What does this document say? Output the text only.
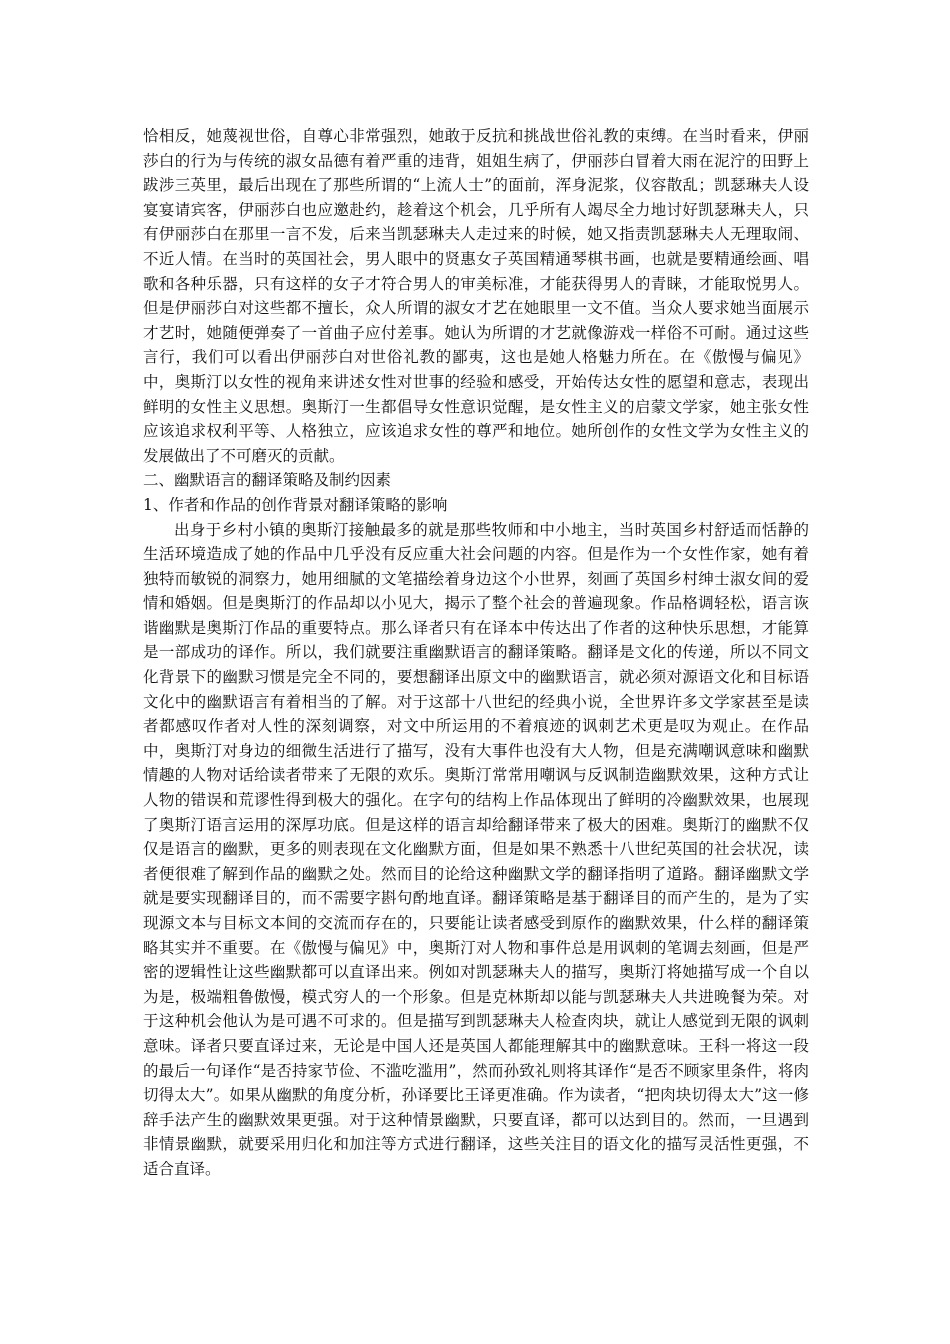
恰相反，她蔑视世俗，自尊心非常强烈，她敢于反抗和挑战世俗礼教的束缚。在当时看来，伊丽莎白的行为与传统的淑女品德有着严重的违背，姐姐生病了，伊丽莎白冒着大雨在泥泞的田野上跋涉三英里，最后出现在了那些所谓的“上流人士”的面前，浑身泥浆，仪容散乱；凯瑟琳夫人设宴宴请宾客，伊丽莎白也应邀赴约，趁着这个机会，几乎所有人竭尽全力地讨好凯瑟琳夫人，只有伊丽莎白在那里一言不发，后来当凯瑟琳夫人走过来的时候，她又指责凯瑟琳夫人无理取闹、不近人情。在当时的英国社会，男人眼中的贤惠女子英国精通琴棋书画，也就是要精通绘画、唱歌和各种乐器，只有这样的女子才符合男人的审美标准，才能获得男人的青睐，才能取悦男人。但是伊丽莎白对这些都不擅长，众人所谓的淑女才艺在她眼里一文不值。当众人要求她当面展示才艺时，她随便弹奏了一首曲子应付差事。她认为所谓的才艺就像游戏一样俗不可耐。通过这些言行，我们可以看出伊丽莎白对世俗礼教的鄙夷，这也是她人格魅力所在。在《傲慢与偏见》中，奥斯汀以女性的视角来讲述女性对世事的经验和感受，开始传达女性的愿望和意志，表现出鲜明的女性主义思想。奥斯汀一生都倡导女性意识觉醒，是女性主义的启蒙文学家，她主张女性应该追求权利平等、人格独立，应该追求女性的尊严和地位。她所创作的女性文学为女性主义的发展做出了不可磨灭的贡献。

二、幽默语言的翻译策略及制约因素

1、作者和作品的创作背景对翻译策略的影响

出身于乡村小镇的奥斯汀接触最多的就是那些牧师和中小地主，当时英国乡村舒适而恬静的生活环境造成了她的作品中几乎没有反应重大社会问题的内容。但是作为一个女性作家，她有着独特而敏锐的洞察力，她用细腻的文笔描绘着身边这个小世界，刻画了英国乡村绅士淑女间的爱情和婚姻。但是奥斯汀的作品却以小见大，揭示了整个社会的普遍现象。作品格调轻松，语言诙谐幽默是奥斯汀作品的重要特点。那么译者只有在译本中传达出了作者的这种快乐思想，才能算是一部成功的译作。所以，我们就要注重幽默语言的翻译策略。翻译是文化的传递，所以不同文化背景下的幽默习惯是完全不同的，要想翻译出原文中的幽默语言，就必须对源语文化和目标语文化中的幽默语言有着相当的了解。对于这部十八世纪的经典小说，全世界许多文学家甚至是读者都感叹作者对人性的深刻调察，对文中所运用的不着痕迹的讽刺艺术更是叹为观止。在作品中，奥斯汀对身边的细微生活进行了描写，没有大事件也没有大人物，但是充满嘲讽意味和幽默情趣的人物对话给读者带来了无限的欢乐。奥斯汀常常用嘲讽与反讽制造幽默效果，这种方式让人物的错误和荒谬性得到极大的强化。在字句的结构上作品体现出了鲜明的冷幽默效果，也展现了奥斯汀语言运用的深厚功底。但是这样的语言却给翻译带来了极大的困难。奥斯汀的幽默不仅仅是语言的幽默，更多的则表现在文化幽默方面，但是如果不熟悉十八世纪英国的社会状况，读者便很难了解到作品的幽默之处。然而目的论给这种幽默文学的翻译指明了道路。翻译幽默文学就是要实现翻译目的，而不需要字斟句酌地直译。翻译策略是基于翻译目的而产生的，是为了实现源文本与目标文本间的交流而存在的，只要能让读者感受到原作的幽默效果，什么样的翻译策略其实并不重要。在《傲慢与偏见》中，奥斯汀对人物和事件总是用讽刺的笔调去刻画，但是严密的逻辑性让这些幽默都可以直译出来。例如对凯瑟琳夫人的描写，奥斯汀将她描写成一个自以为是，极端粗鲁傲慢，模式穷人的一个形象。但是克林斯却以能与凯瑟琳夫人共进晚餐为荣。对于这种机会他认为是可遇不可求的。但是描写到凯瑟琳夫人检查肉块，就让人感觉到无限的讽刺意味。译者只要直译过来，无论是中国人还是英国人都能理解其中的幽默意味。王科一将这一段的最后一句译作“是否持家节俭、不滥吃滥用”，然而孙致礼则将其译作“是否不顾家里条件，将肉切得太大”。如果从幽默的角度分析，孙译要比王译更准确。作为读者，“把肉块切得太大”这一修辞手法产生的幽默效果更强。对于这种情景幽默，只要直译，都可以达到目的。然而，一旦遇到非情景幽默，就要采用归化和加注等方式进行翻译，这些关注目的语文化的描写灵活性更强，不适合直译。
